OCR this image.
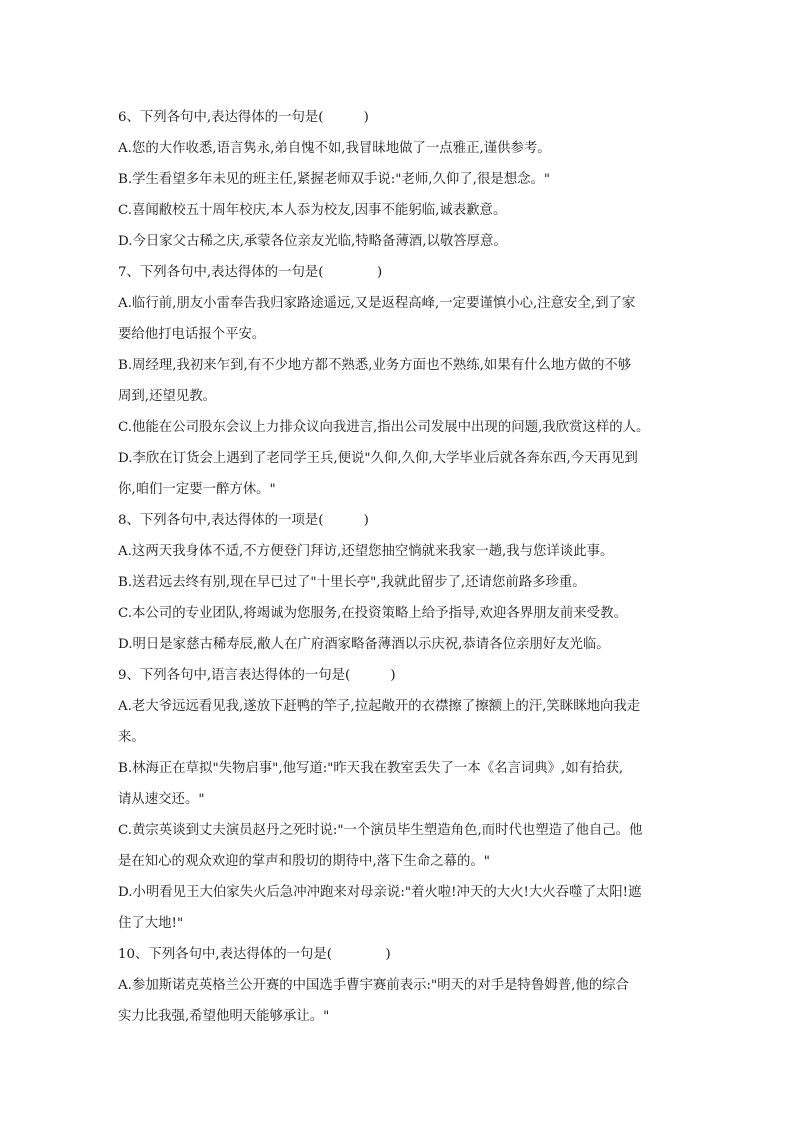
6、下列各句中,表达得体的一句是(　　　)
A.您的大作收悉,语言隽永,弟自愧不如,我冒昧地做了一点雅正,谨供参考。
B.学生看望多年未见的班主任,紧握老师双手说:"老师,久仰了,很是想念。"
C.喜闻敝校五十周年校庆,本人忝为校友,因事不能躬临,诚表歉意。
D.今日家父古稀之庆,承蒙各位亲友光临,特略备薄酒,以敬答厚意。
7、下列各句中,表达得体的一句是(　　　　)
A.临行前,朋友小雷奉告我归家路途遥远,又是返程高峰,一定要谨慎小心,注意安全,到了家
要给他打电话报个平安。
B.周经理,我初来乍到,有不少地方都不熟悉,业务方面也不熟练,如果有什么地方做的不够
周到,还望见教。
C.他能在公司股东会议上力排众议向我进言,指出公司发展中出现的问题,我欣赏这样的人。
D.李欣在订货会上遇到了老同学王兵,便说"久仰,久仰,大学毕业后就各奔东西,今天再见到
你,咱们一定要一醉方休。"
8、下列各句中,表达得体的一项是(　　　)
A.这两天我身体不适,不方便登门拜访,还望您抽空惝就来我家一趟,我与您详谈此事。
B.送君远去终有别,现在早已过了"十里长亭",我就此留步了,还请您前路多珍重。
C.本公司的专业团队,将竭诚为您服务,在投资策略上给予指导,欢迎各界朋友前来受教。
D.明日是家慈古稀寿辰,敝人在广府酒家略备薄酒以示庆祝,恭请各位亲朋好友光临。
9、下列各句中,语言表达得体的一句是(　　　)
A.老大爷远远看见我,遂放下赶鸭的竿子,拉起敞开的衣襟擦了擦额上的汗,笑眯眯地向我走
来。
B.林海正在草拟"失物启事",他写道:"昨天我在教室丢失了一本《名言词典》,如有拾获,
请从速交还。"
C.黄宗英谈到丈夫演员赵丹之死时说:"一个演员毕生塑造角色,而时代也塑造了他自己。他
是在知心的观众欢迎的掌声和殷切的期待中,落下生命之幕的。"
D.小明看见王大伯家失火后急冲冲跑来对母亲说:"着火啦!冲天的大火!大火吞噬了太阳!遮
住了大地!"
10、下列各句中,表达得体的一句是(　　　　)
A.参加斯诺克英格兰公开赛的中国选手曹宇赛前表示:"明天的对手是特鲁姆普,他的综合
实力比我强,希望他明天能够承让。"
